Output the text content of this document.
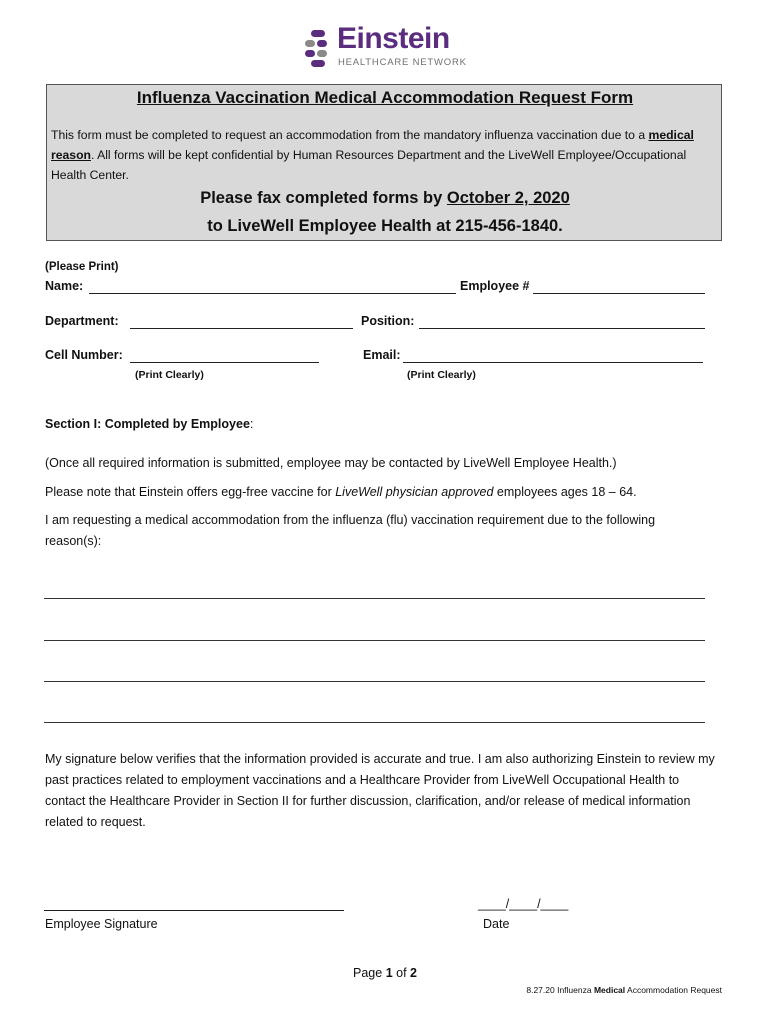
Einstein
HEALTHCARE NETWORK
Influenza Vaccination Medical Accommodation Request Form
This form must be completed to request an accommodation from the mandatory influenza vaccination due to a medical reason. All forms will be kept confidential by Human Resources Department and the LiveWell Employee/Occupational Health Center.
Please fax completed forms by October 2, 2020
to LiveWell Employee Health at 215-456-1840.
(Please Print)
Name:	Employee #
Department:	Position:
Cell Number:	Email:
(Print Clearly)	(Print Clearly)
Section I: Completed by Employee:
(Once all required information is submitted, employee may be contacted by LiveWell Employee Health.)
Please note that Einstein offers egg-free vaccine for LiveWell physician approved employees ages 18 – 64.
I am requesting a medical accommodation from the influenza (flu) vaccination requirement due to the following reason(s):
My signature below verifies that the information provided is accurate and true. I am also authorizing Einstein to review my past practices related to employment vaccinations and a Healthcare Provider from LiveWell Occupational Health to contact the Healthcare Provider in Section II for further discussion, clarification, and/or release of medical information related to request.
Employee Signature
____/____/____
Date
Page 1 of 2
8.27.20 Influenza Medical Accommodation Request
